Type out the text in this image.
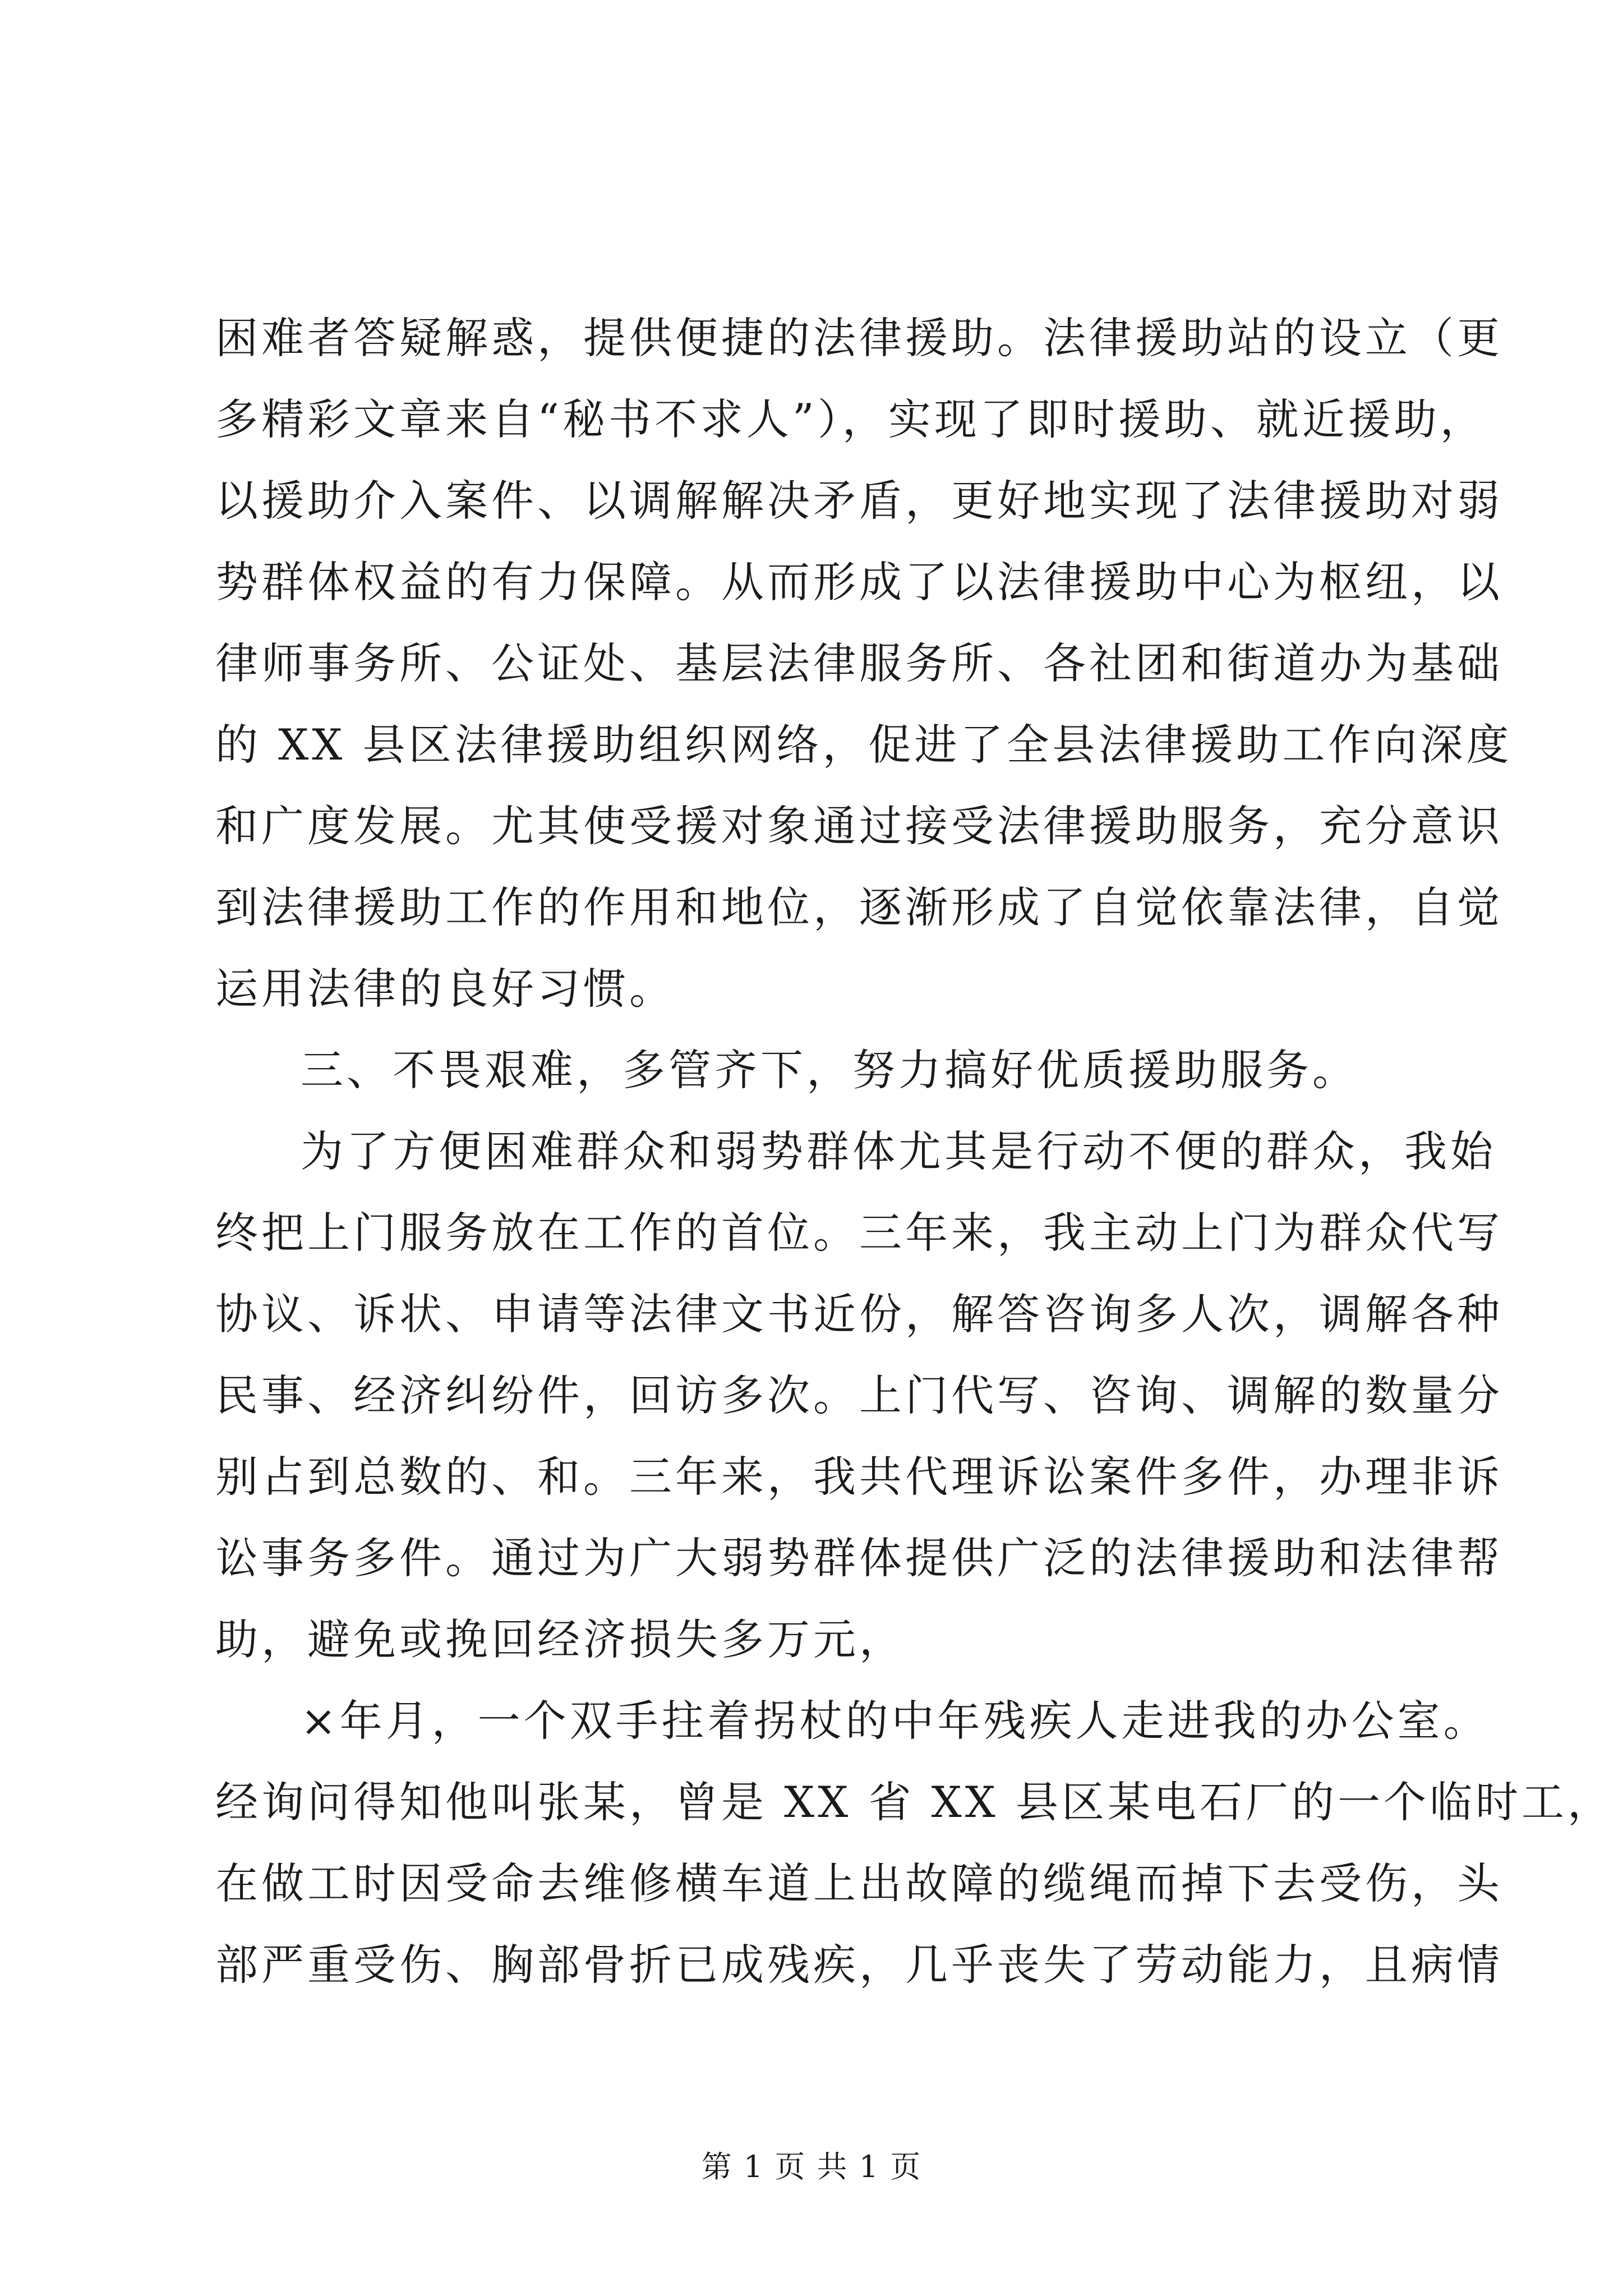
困难者答疑解惑，提供便捷的法律援助。法律援助站的设立（更
多精彩文章来自“秘书不求人”），实现了即时援助、就近援助，
以援助介入案件、以调解解决矛盾，更好地实现了法律援助对弱
势群体权益的有力保障。从而形成了以法律援助中心为枢纽，以
律师事务所、公证处、基层法律服务所、各社团和街道办为基础
的 XX 县区法律援助组织网络，促进了全县法律援助工作向深度
和广度发展。尤其使受援对象通过接受法律援助服务，充分意识
到法律援助工作的作用和地位，逐渐形成了自觉依靠法律，自觉
运用法律的良好习惯。
三、不畏艰难，多管齐下，努力搞好优质援助服务。
为了方便困难群众和弱势群体尤其是行动不便的群众，我始
终把上门服务放在工作的首位。三年来，我主动上门为群众代写
协议、诉状、申请等法律文书近份，解答咨询多人次，调解各种
民事、经济纠纷件，回访多次。上门代写、咨询、调解的数量分
别占到总数的、和。三年来，我共代理诉讼案件多件，办理非诉
讼事务多件。通过为广大弱势群体提供广泛的法律援助和法律帮
助，避免或挽回经济损失多万元，
×年月，一个双手拄着拐杖的中年残疾人走进我的办公室。
经询问得知他叫张某，曾是 XX 省 XX 县区某电石厂的一个临时工，
在做工时因受命去维修横车道上出故障的缆绳而掉下去受伤，头
部严重受伤、胸部骨折已成残疾，几乎丧失了劳动能力，且病情
第 1 页 共 1 页
